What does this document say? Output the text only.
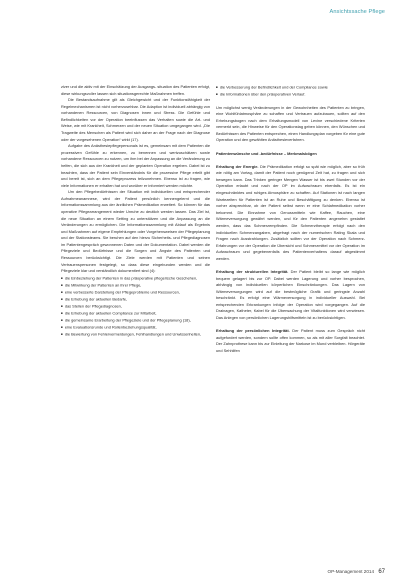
Ansichtssache Pflege

ziver und die aktiv mit der Einschätzung der Ausgangs- situation des Patienten erfolgt, diese wirkungsvoller lassen sich situationsgerechte Maßnahmen treffen.

Die Bestandsaufnahme gilt als Gleichgewicht und der Funktionsfähigkeit der Regelmechanismen ist nicht vorherzusehbar. Die Adaption ist individuell abhängig von vorhandenen Ressourcen, von Diagnosen innen und Stress. Die Gefühle und Befindlichkeiten vor der Operation beeinflussen das Verhalten sowie die Art- und Weise, wie mit Krankheit, Schmerzen und der neuen Situation umgegangen wird. „Die Tragweite des Menschen als Patient wird sich daher an der Frage nach der Diagnose oder der vorgesehenen Operation“ wirkt (17).

Aufgabe des Anästhesiepflegepersonals ist es, gemeinsam mit dem Patienten die prozessiven Gefühle zu erkennen, zu benennen und wertzuschätzen sowie vorhandene Ressourcen zu nutzen, um ihm bei der Anpassung an die Veränderung zu helfen, die sich aus der Krankheit und der geplanten Operation ergeben. Dabei ist zu beachten, dass der Patient sein Einverständnis für die prozessive Pflege erteilt gibt und bereit ist, sich an dem Pflegeprozess teilzunehmen. Ebenso ist zu fragen, wie viele Informationen er erhalten hat und worüber er informiert werden möchte.

Um den Pflegebedürfnissen der Situation mit individuellen und entsprechender Aufnahmeanamnese, wird der Patient persönlich kennengelernt und die Informationssammlung aus der ärztlichen Prämedikation erweitert. So können für das operative Pflegearrangement wieder Unruhe zu deutlich werden lassen. Das Ziel ist, die neue Situation an einem Setting zu unterstützen und die Anpassung an die Veränderungen zu ermöglichen. Die Informationssammlung mit Ablauf als Ergebnis und Maßnahmen auf eigene Empfehlungen oder Vorgehensweisen der Pflegeplanung und der Stationsteams. Sie beruhen auf den hierzu Sicherheits- und Pflegediagnosen im Patientengespräch gewonnenen Daten und der Dokumentation. Dabei werden die Pflegeziele und Bedürfnisse und die Sorgen und Ängste des Patienten und Ressourcen berücksichtigt. Die Ziele werden mit Patienten und seinen Vertrauenspersonen festgelegt, so dass diese eingebunden werden und die Pflegeziele klar und verständlich dokumentiert sind (4):

■ die Einbeziehung der Patienten in das präoperative pflegerische Geschehen,
■ die Mitwirkung der Patienten an ihrer Pflege,
■ eine verbesserte Darstellung der Pflegeprobleme und Ressourcen,
■ die Erhebung der aktuellen Bedarfe,
■ das Stellen der Pflegediagnosen,
■ die Erhebung der aktuellen Compliance zur Mitarbeit,
■ die gemeinsame Erarbeitung der Pflegeziele und der Pflegeplanung (18),
■ eine Evaluationsrunde und Rollenbeziehungsqualität,
■ die Bewertung von Fehlervermeidungen, Fehlhandlungen und Unwissenheiten,
■ die Verbesserung der Befindlichkeit und der Compliance sowie
■ die Informationen über den präoperativen Verlauf.

Um möglichst wenig Veränderungen in der Gewohnheiten des Patienten zu bringen, eine Wohlfühlatmosphäre zu schaffen und Vertrauen aufzubauen, sollten auf den Erhebungsbogen nach dem Erhaltungsmodell von Levine verschiedene Kriterien vermerkt sein, die Hinweise für den Operationstag geben können, den Wünschen und Bedürfnissen des Patienten entsprechen, einen Handlungsplan vorgeben für eine gute Operation und den gewählten Anästhesieverfahren.

Patientenwünsche und -bedürfnisse – Merkmalsbögen

Erhaltung der Energie. Die Prämedikation erfolgt so spät wie möglich, aber so früh wie nötig am Vortag, damit der Patient noch genügend Zeit hat, zu fragen und sich bewegen kann. Das Trinken geringer Mengen Wasser ist bis zwei Stunden vor der Operation erlaubt und nach der OP im Aufwachraum ebenfalls. Es ist ein eingeschränktes und ruhiges Atmosphäre zu schaffen. Auf Stationen ist nach langen Wartezeiten für Patienten ist an Ruhe und Beschäftigung zu denken. Ebenso ist vorher absprechbar, ob der Patient selbst wenn er eine Schlafmedikation vorher bekommt. Die Einnahme von Genussmitteln wie Kaffee, Rauchen, eine Wärmeversorgung gewährt werden, und für den Patienten angenehm gestaltet werden, dass das Schmerzempfinden. Die Schmerztherapie erfolgt nach den individuellen Schmerzangaben, abgefragt nach der numerischen Rating Skala und Fragen nach Ausstrahlungen. Zusätzlich sollten vor der Operation nach Schmerz-Erfahrungen vor der Operation die Übersicht und Schmerzmittel vor der Operation im Aufwachraum und gegebenenfalls des Patientenverhaltens darauf abgestimmt werden.

Erhaltung der strukturellen Integrität. Der Patient bleibt so lange wie möglich bequem gelagert bis zur OP. Dabei werden Lagerung und vorher besprochen, abhängig von individuellen körperlichen Einschränkungen. Das Lagern von Wärmeversorgungen wird auf die bestmögliche Grafik und geringste Anzahl beschränkt. Es erfolgt eine Wärmeversorgung in individueller Auswahl. Bei entsprechenden Erkrankungen infolge der Operation wird vorgegangen. Auf die Drainagen, Katheter, Kabel für die Überwachung der Vitalfunktionen wird verwiesen. Das Anlegen von persönlichen Lagerungshilfsmitteln ist zu berücksichtigen.

Erhaltung der persönlichen Integrität. Der Patient muss zum Gespräch nicht aufgefordert werden, sondern sollte offen kommen, so als mit aller Sorgfalt beachtet. Der Zahnprothese kann bis zur Einleitung der Narkose im Mund verbleiben. Hörgeräte und Sehhilfen

OP-Management 2014 67
